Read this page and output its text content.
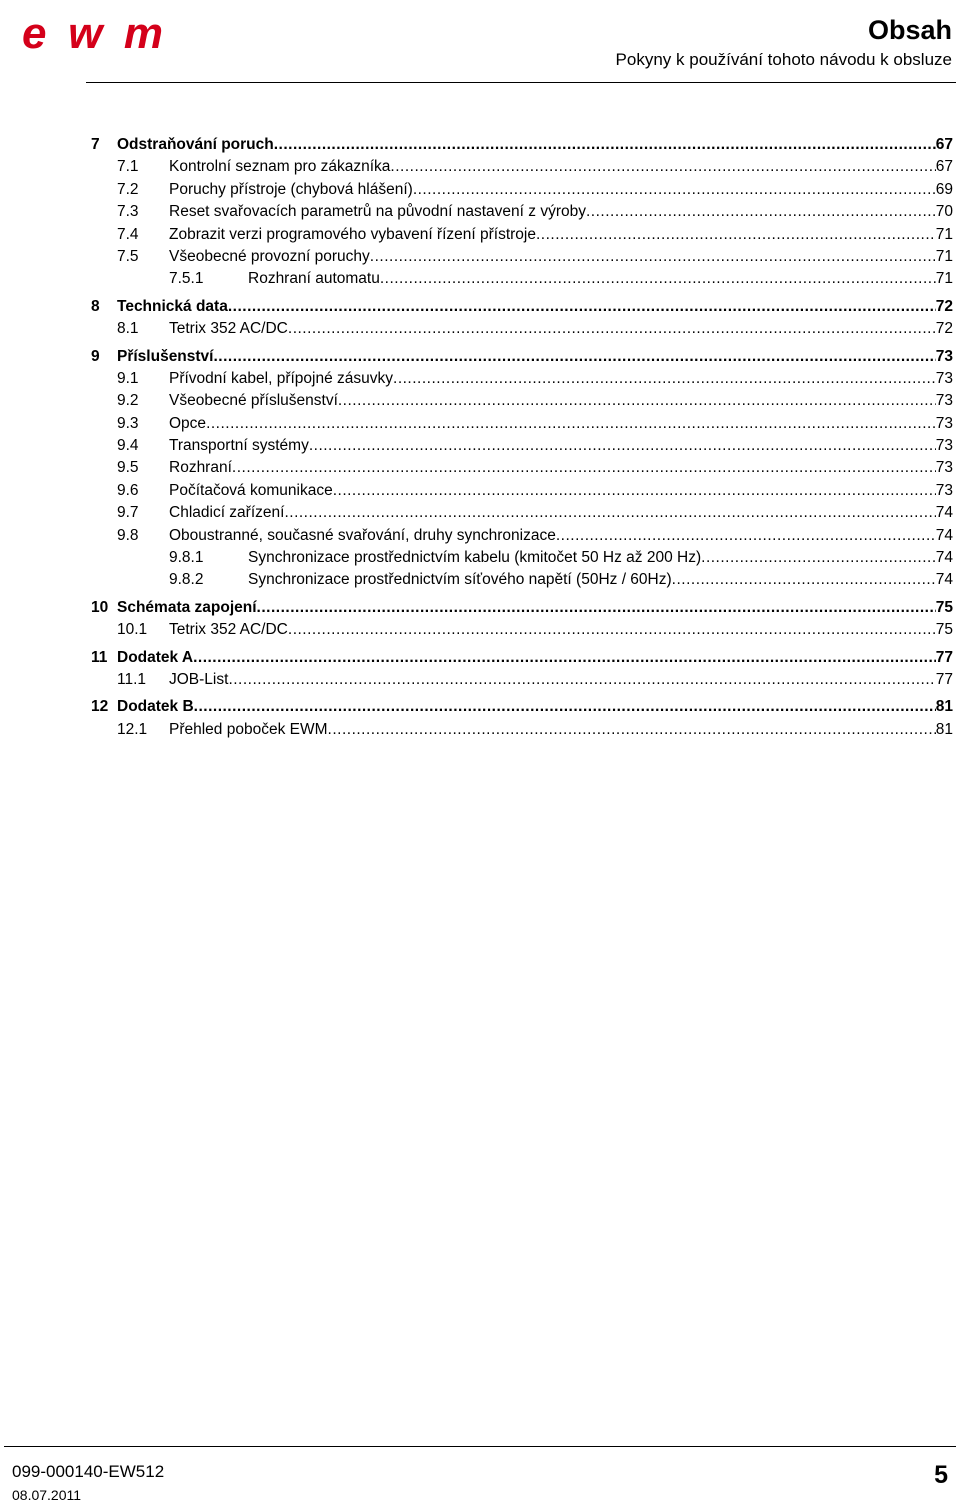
ewm	Obsah
Pokyny k používání tohoto návodu k obsluze
7 Odstraňování poruch .....	67
7.1 Kontrolní seznam pro zákazníka .....	67
7.2 Poruchy přístroje (chybová hlášení) .....	69
7.3 Reset svařovacích parametrů na původní nastavení z výroby .....	70
7.4 Zobrazit verzi programového vybavení řízení přístroje .....	71
7.5 Všeobecné provozní poruchy .....	71
7.5.1	Rozhraní automatu .....	71
8 Technická data .....	72
8.1 Tetrix 352 AC/DC .....	72
9 Příslušenství .....	73
9.1 Přívodní kabel, přípojné zásuvky .....	73
9.2 Všeobecné příslušenství .....	73
9.3 Opce .....	73
9.4 Transportní systémy .....	73
9.5 Rozhraní .....	73
9.6 Počítačová komunikace .....	73
9.7 Chladicí zařízení .....	74
9.8 Oboustranné, současné svařování, druhy synchronizace .....	74
9.8.1	Synchronizace prostřednictvím kabelu (kmitočet 50 Hz až 200 Hz) .....	74
9.8.2	Synchronizace prostřednictvím síťového napětí (50Hz / 60Hz) .....	74
10 Schémata zapojení .....	75
10.1 Tetrix 352 AC/DC .....	75
11 Dodatek A .....	77
11.1 JOB-List .....	77
12 Dodatek B .....	81
12.1 Přehled poboček EWM .....	81
099-000140-EW512
08.07.2011
5
